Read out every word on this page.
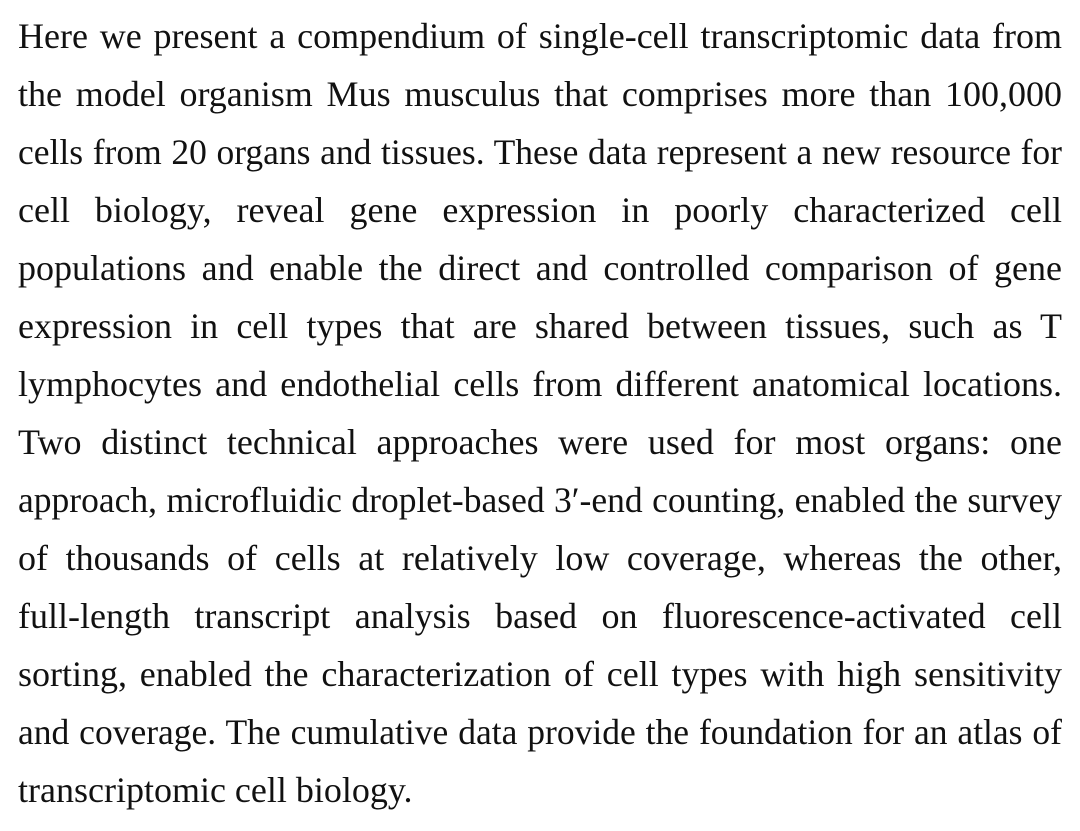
Here we present a compendium of single-cell transcriptomic data from
the model organism Mus musculus that comprises more than 100,000
cells from 20 organs and tissues. These data represent a new resource for
cell biology, reveal gene expression in poorly characterized cell
populations and enable the direct and controlled comparison of gene
expression in cell types that are shared between tissues, such as T
lymphocytes and endothelial cells from different anatomical locations.
Two distinct technical approaches were used for most organs: one
approach, microfluidic droplet-based 3′-end counting, enabled the survey
of thousands of cells at relatively low coverage, whereas the other,
full-length transcript analysis based on fluorescence-activated cell
sorting, enabled the characterization of cell types with high sensitivity
and coverage. The cumulative data provide the foundation for an atlas of
transcriptomic cell biology.
